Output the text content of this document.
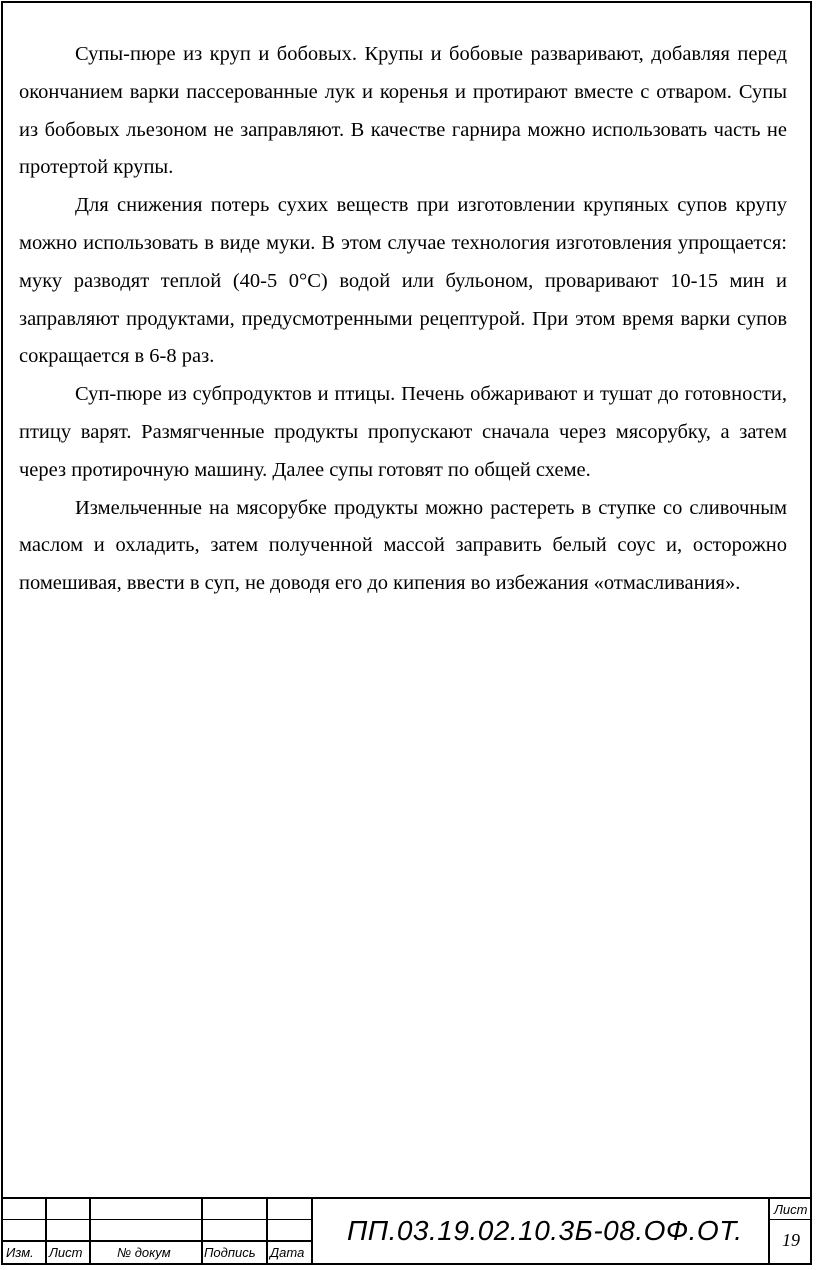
Супы-пюре из круп и бобовых. Крупы и бобовые разваривают, добавляя перед окончанием варки пассерованные лук и коренья и протирают вместе с отваром. Супы из бобовых льезоном не заправляют. В качестве гарнира можно использовать часть не протертой крупы.

Для снижения потерь сухих веществ при изготовлении крупяных супов крупу можно использовать в виде муки. В этом случае технология изготовления упрощается: муку разводят теплой (40-5 0°С) водой или бульоном, проваривают 10-15 мин и заправляют продуктами, предусмотренными рецептурой. При этом время варки супов сокращается в 6-8 раз.

Суп-пюре из субпродуктов и птицы. Печень обжаривают и тушат до готовности, птицу варят. Размягченные продукты пропускают сначала через мясорубку, а затем через протирочную машину. Далее супы готовят по общей схеме.

Измельченные на мясорубке продукты можно растереть в ступке со сливочным маслом и охладить, затем полученной массой заправить белый соус и, осторожно помешивая, ввести в суп, не доводя его до кипения во избежания «отмасливания».

Изм. Лист	№ докум	Подпись Дата
ПП.03.19.02.10.3Б-08.ОФ.ОТ.
Лист
19
